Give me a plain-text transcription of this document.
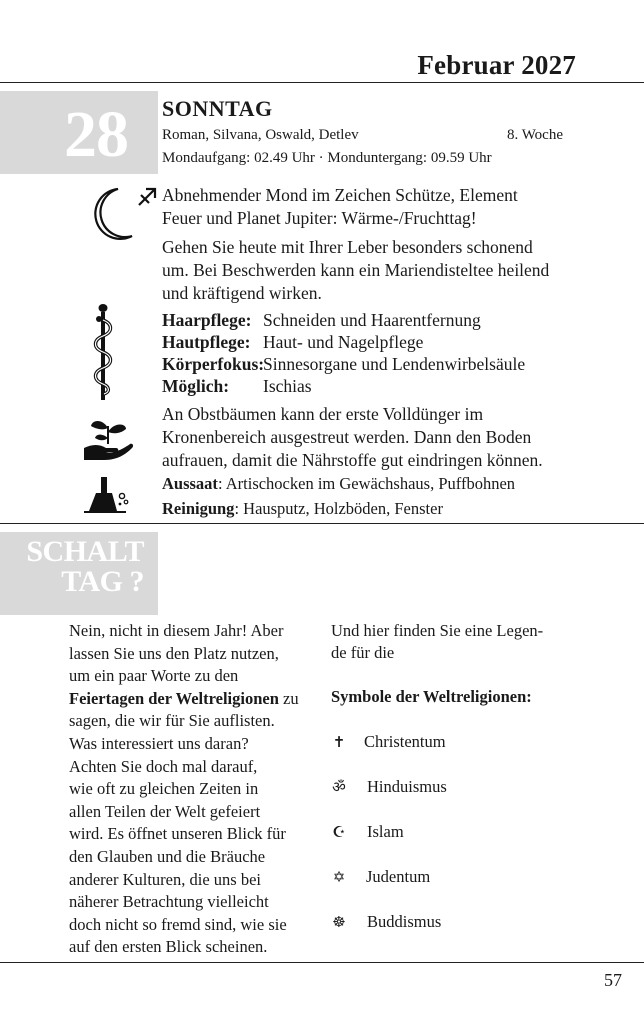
Februar 2027
28 SONNTAG
Roman, Silvana, Oswald, Detlev	8. Woche
Mondaufgang: 02.49 Uhr · Monduntergang: 09.59 Uhr
Abnehmender Mond im Zeichen Schütze, Element
Feuer und Planet Jupiter: Wärme-/Fruchttag!
Gehen Sie heute mit Ihrer Leber besonders schonend
um. Bei Beschwerden kann ein Mariendisteltee heilend
und kräftigend wirken.
Haarpflege: Schneiden und Haarentfernung
Hautpflege: Haut- und Nagelpflege
Körperfokus:Sinnesorgane und Lendenwirbelsäule
Möglich: Ischias
An Obstbäumen kann der erste Volldünger im
Kronenbereich ausgestreut werden. Dann den Boden
aufrauen, damit die Nährstoffe gut eindringen können.
Aussaat: Artischocken im Gewächshaus, Puffbohnen
Reinigung: Hausputz, Holzböden, Fenster
SCHALT
TAG ?
Nein, nicht in diesem Jahr! Aber
lassen Sie uns den Platz nutzen,
um ein paar Worte zu den
Feiertagen der Weltreligionen zu
sagen, die wir für Sie auflisten.
Was interessiert uns daran?
Achten Sie doch mal darauf,
wie oft zu gleichen Zeiten in
allen Teilen der Welt gefeiert
wird. Es öffnet unseren Blick für
den Glauben und die Bräuche
anderer Kulturen, die uns bei
näherer Betrachtung vielleicht
doch nicht so fremd sind, wie sie
auf den ersten Blick scheinen.
Und hier finden Sie eine Legen-
de für die
Symbole der Weltreligionen:
✝ Christentum
ॐ Hinduismus
☪ Islam
✡ Judentum
☸ Buddismus
57
